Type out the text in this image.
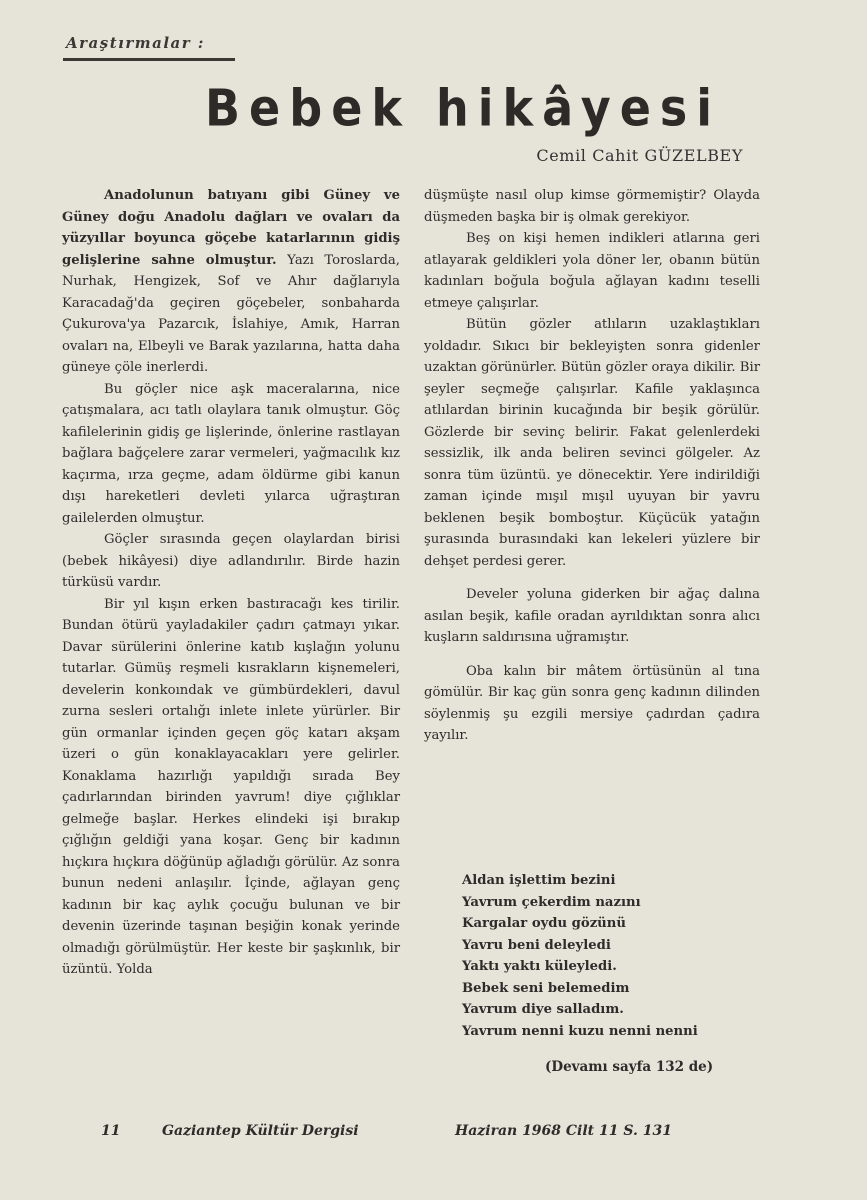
Araştırmalar :
Bebek hikâyesi
Cemil Cahit GÜZELBEY

Anadolunun batıyanı gibi Güney ve Güney doğu Anadolu dağları ve ovaları da yüzyıllar boyunca göçebe katarlarının gidiş gelişlerine sahne olmuştur. Yazı Toroslarda, Nurhak, Hengizek, Sof ve Ahır dağlarıyla Karacadağ'da geçiren göçebeler, sonbaharda Çukurova'ya Pazarcık, İslahiye, Amık, Harran ovaları na, Elbeyli ve Barak yazılarına, hatta daha güneye çöle inerlerdi.

Bu göçler nice aşk maceralarına, nice çatışmalara, acı tatlı olaylara tanık olmuştur. Göç kafilelerinin gidiş ge lişlerinde, önlerine rastlayan bağlara bağçelere zarar vermeleri, yağmacılık kız kaçırma, ırza geçme, adam öldürme gibi kanun dışı hareketleri devleti yılarca uğraştıran gailelerden olmuştur.

Göçler sırasında geçen olaylardan birisi (bebek hikâyesi) diye adlandırılır. Birde hazin türküsü vardır.

Bir yıl kışın erken bastıracağı kes tirilir. Bundan ötürü yayladakiler çadırı çatmayı yıkar. Davar sürülerini önlerine katıb kışlağın yolunu tutarlar. Gümüş reşmeli kısrakların kişnemeleri, develerin konkoındak ve gümbürdekleri, davul zurna sesleri ortalığı inlete inlete yürürler. Bir gün ormanlar içinden geçen göç katarı akşam üzeri o gün konaklayacakları yere gelirler. Konaklama hazırlığı yapıldığı sırada Bey çadırlarından birinden yavrum! diye çığlıklar gelmeğe başlar. Herkes elindeki işi bırakıp çığlığın geldiği yana koşar. Genç bir kadının hıçkıra hıçkıra döğünüp ağladığı görülür. Az sonra bunun nedeni anlaşılır. İçinde, ağlayan genç kadının bir kaç aylık çocuğu bulunan ve bir devenin üzerinde taşınan beşiğin konak yerinde olmadığı görülmüştür. Her keste bir şaşkınlık, bir üzüntü. Yolda

düşmüşte nasıl olup kimse görmemiştir? Olayda düşmeden başka bir iş olmak gerekiyor.

Beş on kişi hemen indikleri atlarına geri atlayarak geldikleri yola döner ler, obanın bütün kadınları boğula boğula ağlayan kadını teselli etmeye çalışırlar.

Bütün gözler atlıların uzaklaştıkları yoldadır. Sıkıcı bir bekleyişten sonra gidenler uzaktan görünürler. Bütün gözler oraya dikilir. Bir şeyler seçmeğe çalışırlar. Kafile yaklaşınca atlılardan birinin kucağında bir beşik görülür. Gözlerde bir sevinç belirir. Fakat gelenlerdeki sessizlik, ilk anda beliren sevinci gölgeler. Az sonra tüm üzüntü. ye dönecektir. Yere indirildiği zaman içinde mışıl mışıl uyuyan bir yavru beklenen beşik bomboştur. Küçücük yatağın şurasında burasındaki kan lekeleri yüzlere bir dehşet perdesi gerer.

Develer yoluna giderken bir ağaç dalına asılan beşik, kafile oradan ayrıldıktan sonra alıcı kuşların saldırısına uğramıştır.

Oba kalın bir mâtem örtüsünün al tına gömülür. Bir kaç gün sonra genç kadının dilinden söylenmiş şu ezgili mersiye çadırdan çadıra yayılır.

Aldan işlettim bezini
Yavrum çekerdim nazını
Kargalar oydu gözünü
Yavru beni deleyledi
Yaktı yaktı küleyledi.
Bebek seni belemedim
Yavrum diye salladım.
Yavrum nenni kuzu nenni nenni
(Devamı sayfa 132 de)
11	Gaziantep Kültür Dergisi	Haziran 1968 Cilt 11 S. 131
